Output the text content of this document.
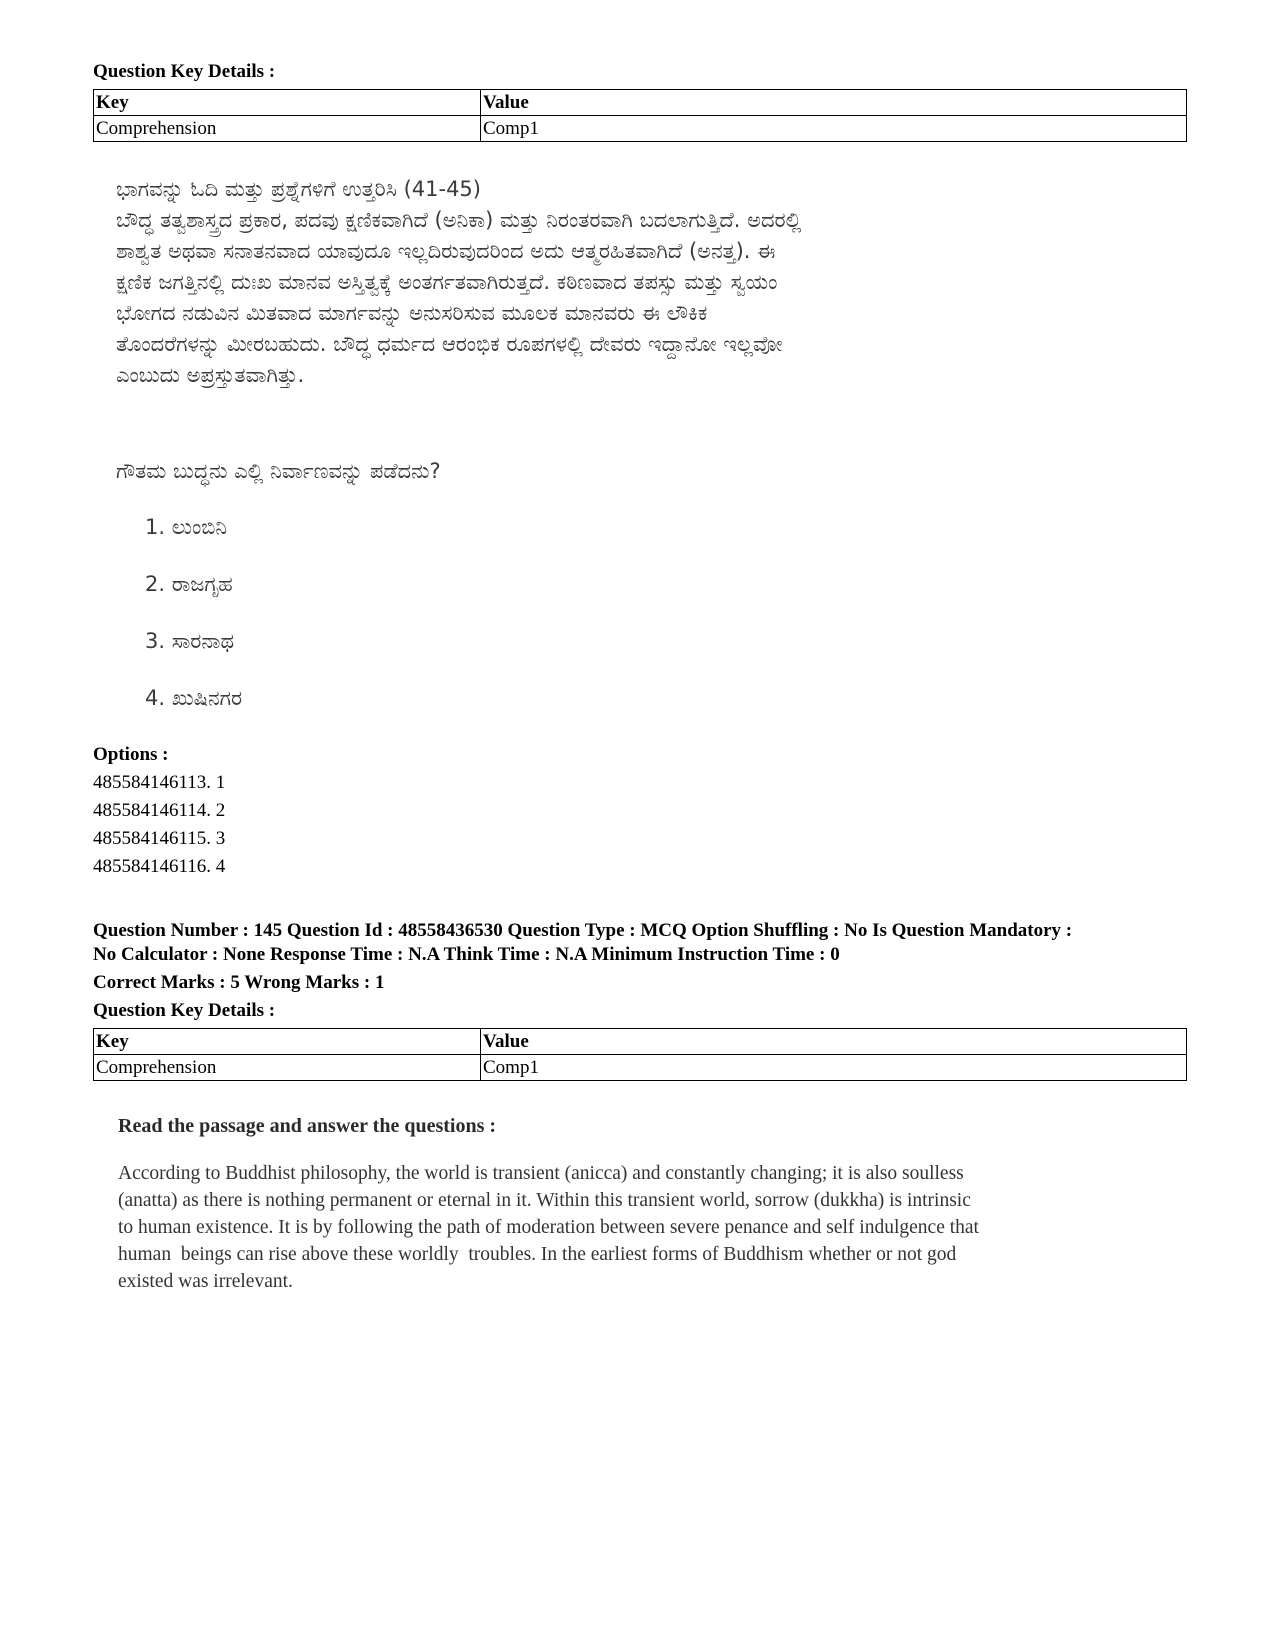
Question Key Details :
Key	Value
Comprehension	Comp1
ಭಾಗವನ್ನು ಓದಿ ಮತ್ತು ಪ್ರಶ್ನೆಗಳಿಗೆ ಉತ್ತರಿಸಿ (41-45)
ಬೌದ್ಧ ತತ್ವಶಾಸ್ತ್ರದ ಪ್ರಕಾರ, ಪದವು ಕ್ಷಣಿಕವಾಗಿದೆ (ಅನಿಕಾ) ಮತ್ತು ನಿರಂತರವಾಗಿ ಬದಲಾಗುತ್ತಿದೆ. ಅದರಲ್ಲಿ
ಶಾಶ್ವತ ಅಥವಾ ಸನಾತನವಾದ ಯಾವುದೂ ಇಲ್ಲದಿರುವುದರಿಂದ ಅದು ಆತ್ಮರಹಿತವಾಗಿದೆ (ಅನತ್ತ). ಈ
ಕ್ಷಣಿಕ ಜಗತ್ತಿನಲ್ಲಿ ದುಃಖ ಮಾನವ ಅಸ್ತಿತ್ವಕ್ಕೆ ಅಂತರ್ಗತವಾಗಿರುತ್ತದೆ. ಕಠಿಣವಾದ ತಪಸ್ಸು ಮತ್ತು ಸ್ವಯಂ
ಭೋಗದ ನಡುವಿನ ಮಿತವಾದ ಮಾರ್ಗವನ್ನು ಅನುಸರಿಸುವ ಮೂಲಕ ಮಾನವರು ಈ ಲೌಕಿಕ
ತೊಂದರೆಗಳನ್ನು ಮೀರಬಹುದು. ಬೌದ್ಧ ಧರ್ಮದ ಆರಂಭಿಕ ರೂಪಗಳಲ್ಲಿ ದೇವರು ಇದ್ದಾನೋ ಇಲ್ಲವೋ
ಎಂಬುದು ಅಪ್ರಸ್ತುತವಾಗಿತ್ತು.
ಗೌತಮ ಬುದ್ಧನು ಎಲ್ಲಿ ನಿರ್ವಾಣವನ್ನು ಪಡೆದನು?
1. ಲುಂಬಿನಿ
2. ರಾಜಗೃಹ
3. ಸಾರನಾಥ
4. ಖುಷಿನಗರ
Options :
485584146113. 1
485584146114. 2
485584146115. 3
485584146116. 4
Question Number : 145 Question Id : 48558436530 Question Type : MCQ Option Shuffling : No Is Question Mandatory :
No Calculator : None Response Time : N.A Think Time : N.A Minimum Instruction Time : 0
Correct Marks : 5 Wrong Marks : 1
Question Key Details :
Key	Value
Comprehension	Comp1
Read the passage and answer the questions :
According to Buddhist philosophy, the world is transient (anicca) and constantly changing; it is also soulless
(anatta) as there is nothing permanent or eternal in it. Within this transient world, sorrow (dukkha) is intrinsic
to human existence. It is by following the path of moderation between severe penance and self indulgence that
human  beings can rise above these worldly  troubles. In the earliest forms of Buddhism whether or not god
existed was irrelevant.
